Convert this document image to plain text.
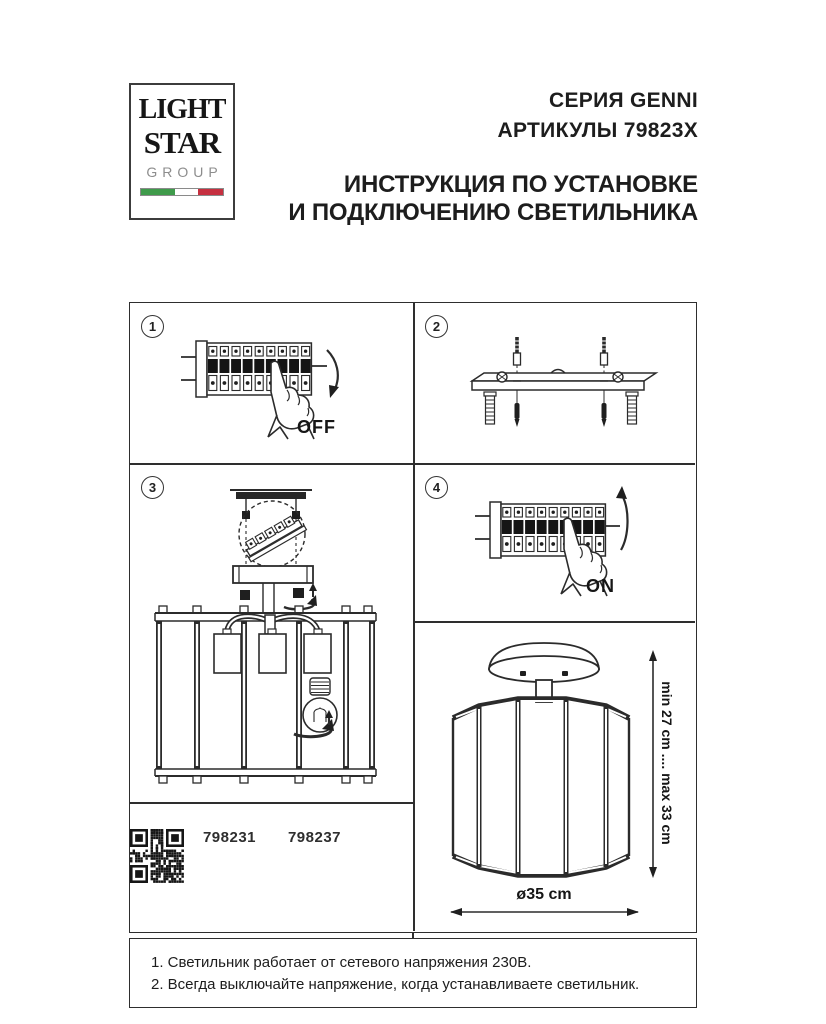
LIGHT
STAR
GROUP
СЕРИЯ GENNI
АРТИКУЛЫ 79823X
ИНСТРУКЦИЯ ПО УСТАНОВКЕ
И ПОДКЛЮЧЕНИЮ СВЕТИЛЬНИКА
1
OFF
2
3	4
ON
798231	798237	min 27 cm .... max 33 cm
ø35 cm
1. Светильник работает от сетевого напряжения 230В.
2. Всегда выключайте напряжение, когда устанавливаете светильник.
